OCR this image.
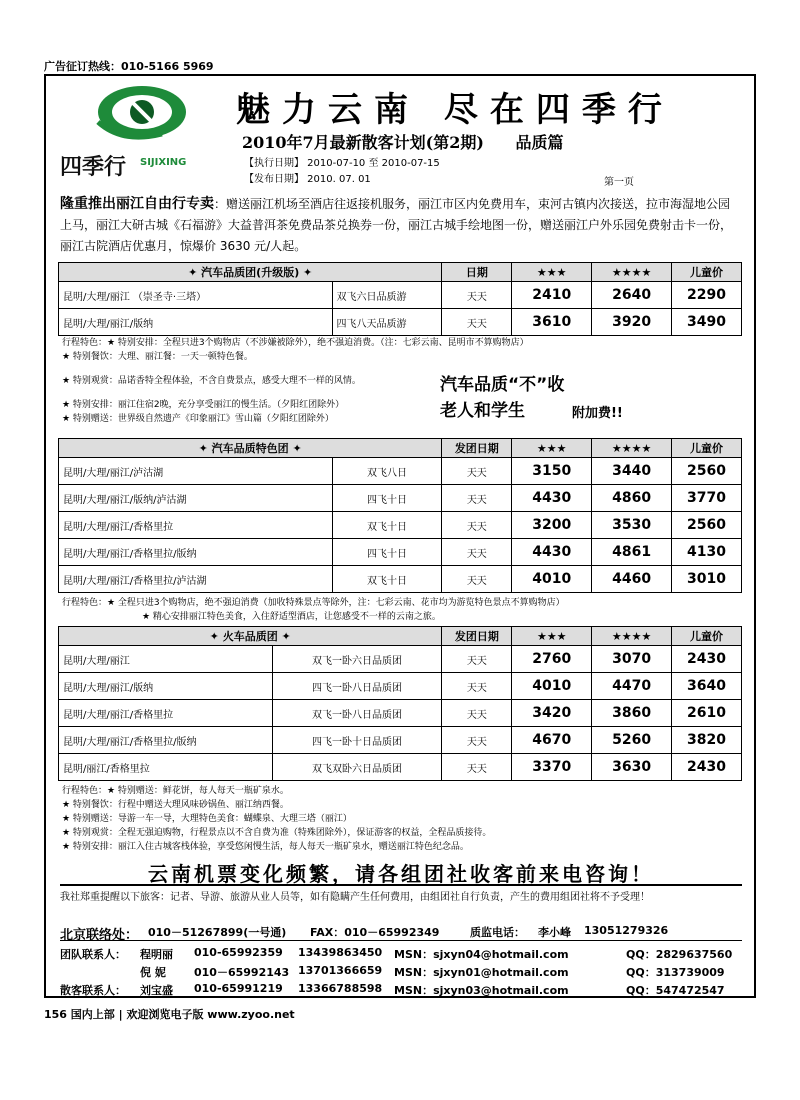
广告征订热线：010-5166 5969
四季行 SIJIXING
魅力云南 尽在四季行
2010年7月最新散客计划(第2期) 品质篇
【执行日期】 2010-07-10 至 2010-07-15
【发布日期】 2010. 07. 01	第一页
隆重推出丽江自由行专卖：赠送丽江机场至酒店往返接机服务，丽江市区内免费用车，束河古镇内次接送，拉市海湿地公园上马，丽江大研古城《石福游》大益普洱茶免费品茶兑换券一份，丽江古城手绘地图一份，赠送丽江户外乐园免费射击卡一份，丽江古院酒店优惠月，惊爆价 3630 元/人起。
✦ 汽车品质团(升级版) ✦		日期	★★★	★★★★	儿童价
昆明/大理/丽江 （崇圣寺·三塔）	双飞六日品质游	天天	2410	2640	2290
昆明/大理/丽江/版纳	四飞八天品质游	天天	3610	3920	3490
行程特色：★ 特别安排：全程只进3个购物店（不涉嫌被除外），绝不强迫消费。（注：七彩云南、昆明市不算购物店）
★ 特别餐饮：大理、丽江餐：一天一顿特色餐。
★ 特别观赏：品诺香特全程体验，不含自费景点，感受大理不一样的风情。
★ 特别安排：丽江住宿2晚，充分享受丽江的慢生活。（夕阳红团除外）
★ 特别赠送：世界级自然遗产《印象丽江》雪山篇（夕阳红团除外）
汽车品质“不”收
老人和学生	附加费!!
✦ 汽车品质特色团 ✦		发团日期	★★★	★★★★	儿童价
昆明/大理/丽江/泸沽湖	双飞八日	天天	3150	3440	2560
昆明/大理/丽江/版纳/泸沽湖	四飞十日	天天	4430	4860	3770
昆明/大理/丽江/香格里拉	双飞十日	天天	3200	3530	2560
昆明/大理/丽江/香格里拉/版纳	四飞十日	天天	4430	4861	4130
昆明/大理/丽江/香格里拉/泸沽湖	双飞十日	天天	4010	4460	3010
行程特色：★ 全程只进3个购物店，绝不强迫消费（加收特殊景点等除外，注：七彩云南、花市均为游览特色景点不算购物店）
★ 精心安排丽江特色美食，入住舒适型酒店，让您感受不一样的云南之旅。
✦ 火车品质团 ✦		发团日期	★★★	★★★★	儿童价
昆明/大理/丽江	双飞一卧六日品质团	天天	2760	3070	2430
昆明/大理/丽江/版纳	四飞一卧八日品质团	天天	4010	4470	3640
昆明/大理/丽江/香格里拉	双飞一卧八日品质团	天天	3420	3860	2610
昆明/大理/丽江/香格里拉/版纳	四飞一卧十日品质团	天天	4670	5260	3820
昆明/丽江/香格里拉	双飞双卧六日品质团	天天	3370	3630	2430
行程特色：★ 特别赠送：鲜花饼，每人每天一瓶矿泉水。
★ 特别餐饮：行程中赠送大理风味砂锅鱼、丽江纳西餐。
★ 特别赠送：导游一车一导，大理特色美食：蝴蝶泉、大理三塔（丽江）
★ 特别观赏：全程无强迫购物，行程景点以不含自费为准（特殊团除外），保证游客的权益，全程品质接待。
★ 特别安排：丽江入住古城客栈体验，享受悠闲慢生活，每人每天一瓶矿泉水，赠送丽江特色纪念品。
云南机票变化频繁，请各组团社收客前来电咨询！
我社郑重提醒以下旅客：记者、导游、旅游从业人员等，如有隐瞒产生任何费用，由组团社自行负责，产生的费用组团社将不予受理！
北京联络处： 010－51267899(一号通) FAX：010－65992349	质监电话： 李小峰 13051279326
团队联系人： 程明丽 010-65992359 13439863450 MSN：sjxyn04@hotmail.com	QQ：2829637560
倪 妮	010－65992143 13701366659 MSN：sjxyn01@hotmail.com	QQ：313739009
散客联系人： 刘宝盛 010-65991219 13366788598 MSN：sjxyn03@hotmail.com	QQ：547472547
156 国内上部 | 欢迎浏览电子版 www.zyoo.net
